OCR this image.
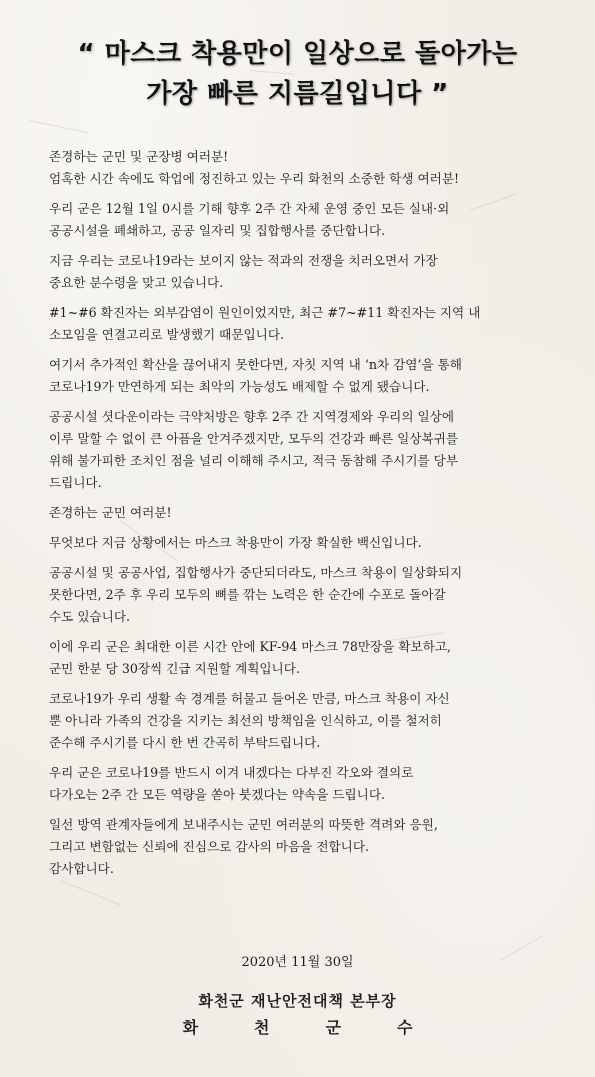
“ 마스크 착용만이 일상으로 돌아가는
가장 빠른 지름길입니다 ”
존경하는 군민 및 군장병 여러분!
엄혹한 시간 속에도 학업에 정진하고 있는 우리 화천의 소중한 학생 여러분!
우리 군은 12월 1일 0시를 기해 향후 2주 간 자체 운영 중인 모든 실내·외
공공시설을 폐쇄하고, 공공 일자리 및 집합행사를 중단합니다.
지금 우리는 코로나19라는 보이지 않는 적과의 전쟁을 치러오면서 가장
중요한 분수령을 맞고 있습니다.
#1~#6 확진자는 외부감염이 원인이었지만, 최근 #7~#11 확진자는 지역 내
소모임을 연결고리로 발생했기 때문입니다.
여기서 추가적인 확산을 끊어내지 못한다면, 자칫 지역 내 ‘n차 감염’을 통해
코로나19가 만연하게 되는 최악의 가능성도 배제할 수 없게 됐습니다.
공공시설 셧다운이라는 극약처방은 향후 2주 간 지역경제와 우리의 일상에
이루 말할 수 없이 큰 아픔을 안겨주겠지만, 모두의 건강과 빠른 일상복귀를
위해 불가피한 조치인 점을 널리 이해해 주시고, 적극 동참해 주시기를 당부
드립니다.
존경하는 군민 여러분!
무엇보다 지금 상황에서는 마스크 착용만이 가장 확실한 백신입니다.
공공시설 및 공공사업, 집합행사가 중단되더라도, 마스크 착용이 일상화되지
못한다면, 2주 후 우리 모두의 뼈를 깎는 노력은 한 순간에 수포로 돌아갈
수도 있습니다.
이에 우리 군은 최대한 이른 시간 안에 KF-94 마스크 78만장을 확보하고,
군민 한분 당 30장씩 긴급 지원할 계획입니다.
코로나19가 우리 생활 속 경계를 허물고 들어온 만큼, 마스크 착용이 자신
뿐 아니라 가족의 건강을 지키는 최선의 방책임을 인식하고, 이를 철저히
준수해 주시기를 다시 한 번 간곡히 부탁드립니다.
우리 군은 코로나19를 반드시 이겨 내겠다는 다부진 각오와 결의로
다가오는 2주 간 모든 역량을 쏟아 붓겠다는 약속을 드립니다.
일선 방역 관계자들에게 보내주시는 군민 여러분의 따뜻한 격려와 응원,
그리고 변함없는 신뢰에 진심으로 감사의 마음을 전합니다.
감사합니다.
2020년 11월 30일
화천군 재난안전대책 본부장
화	천	군	수
